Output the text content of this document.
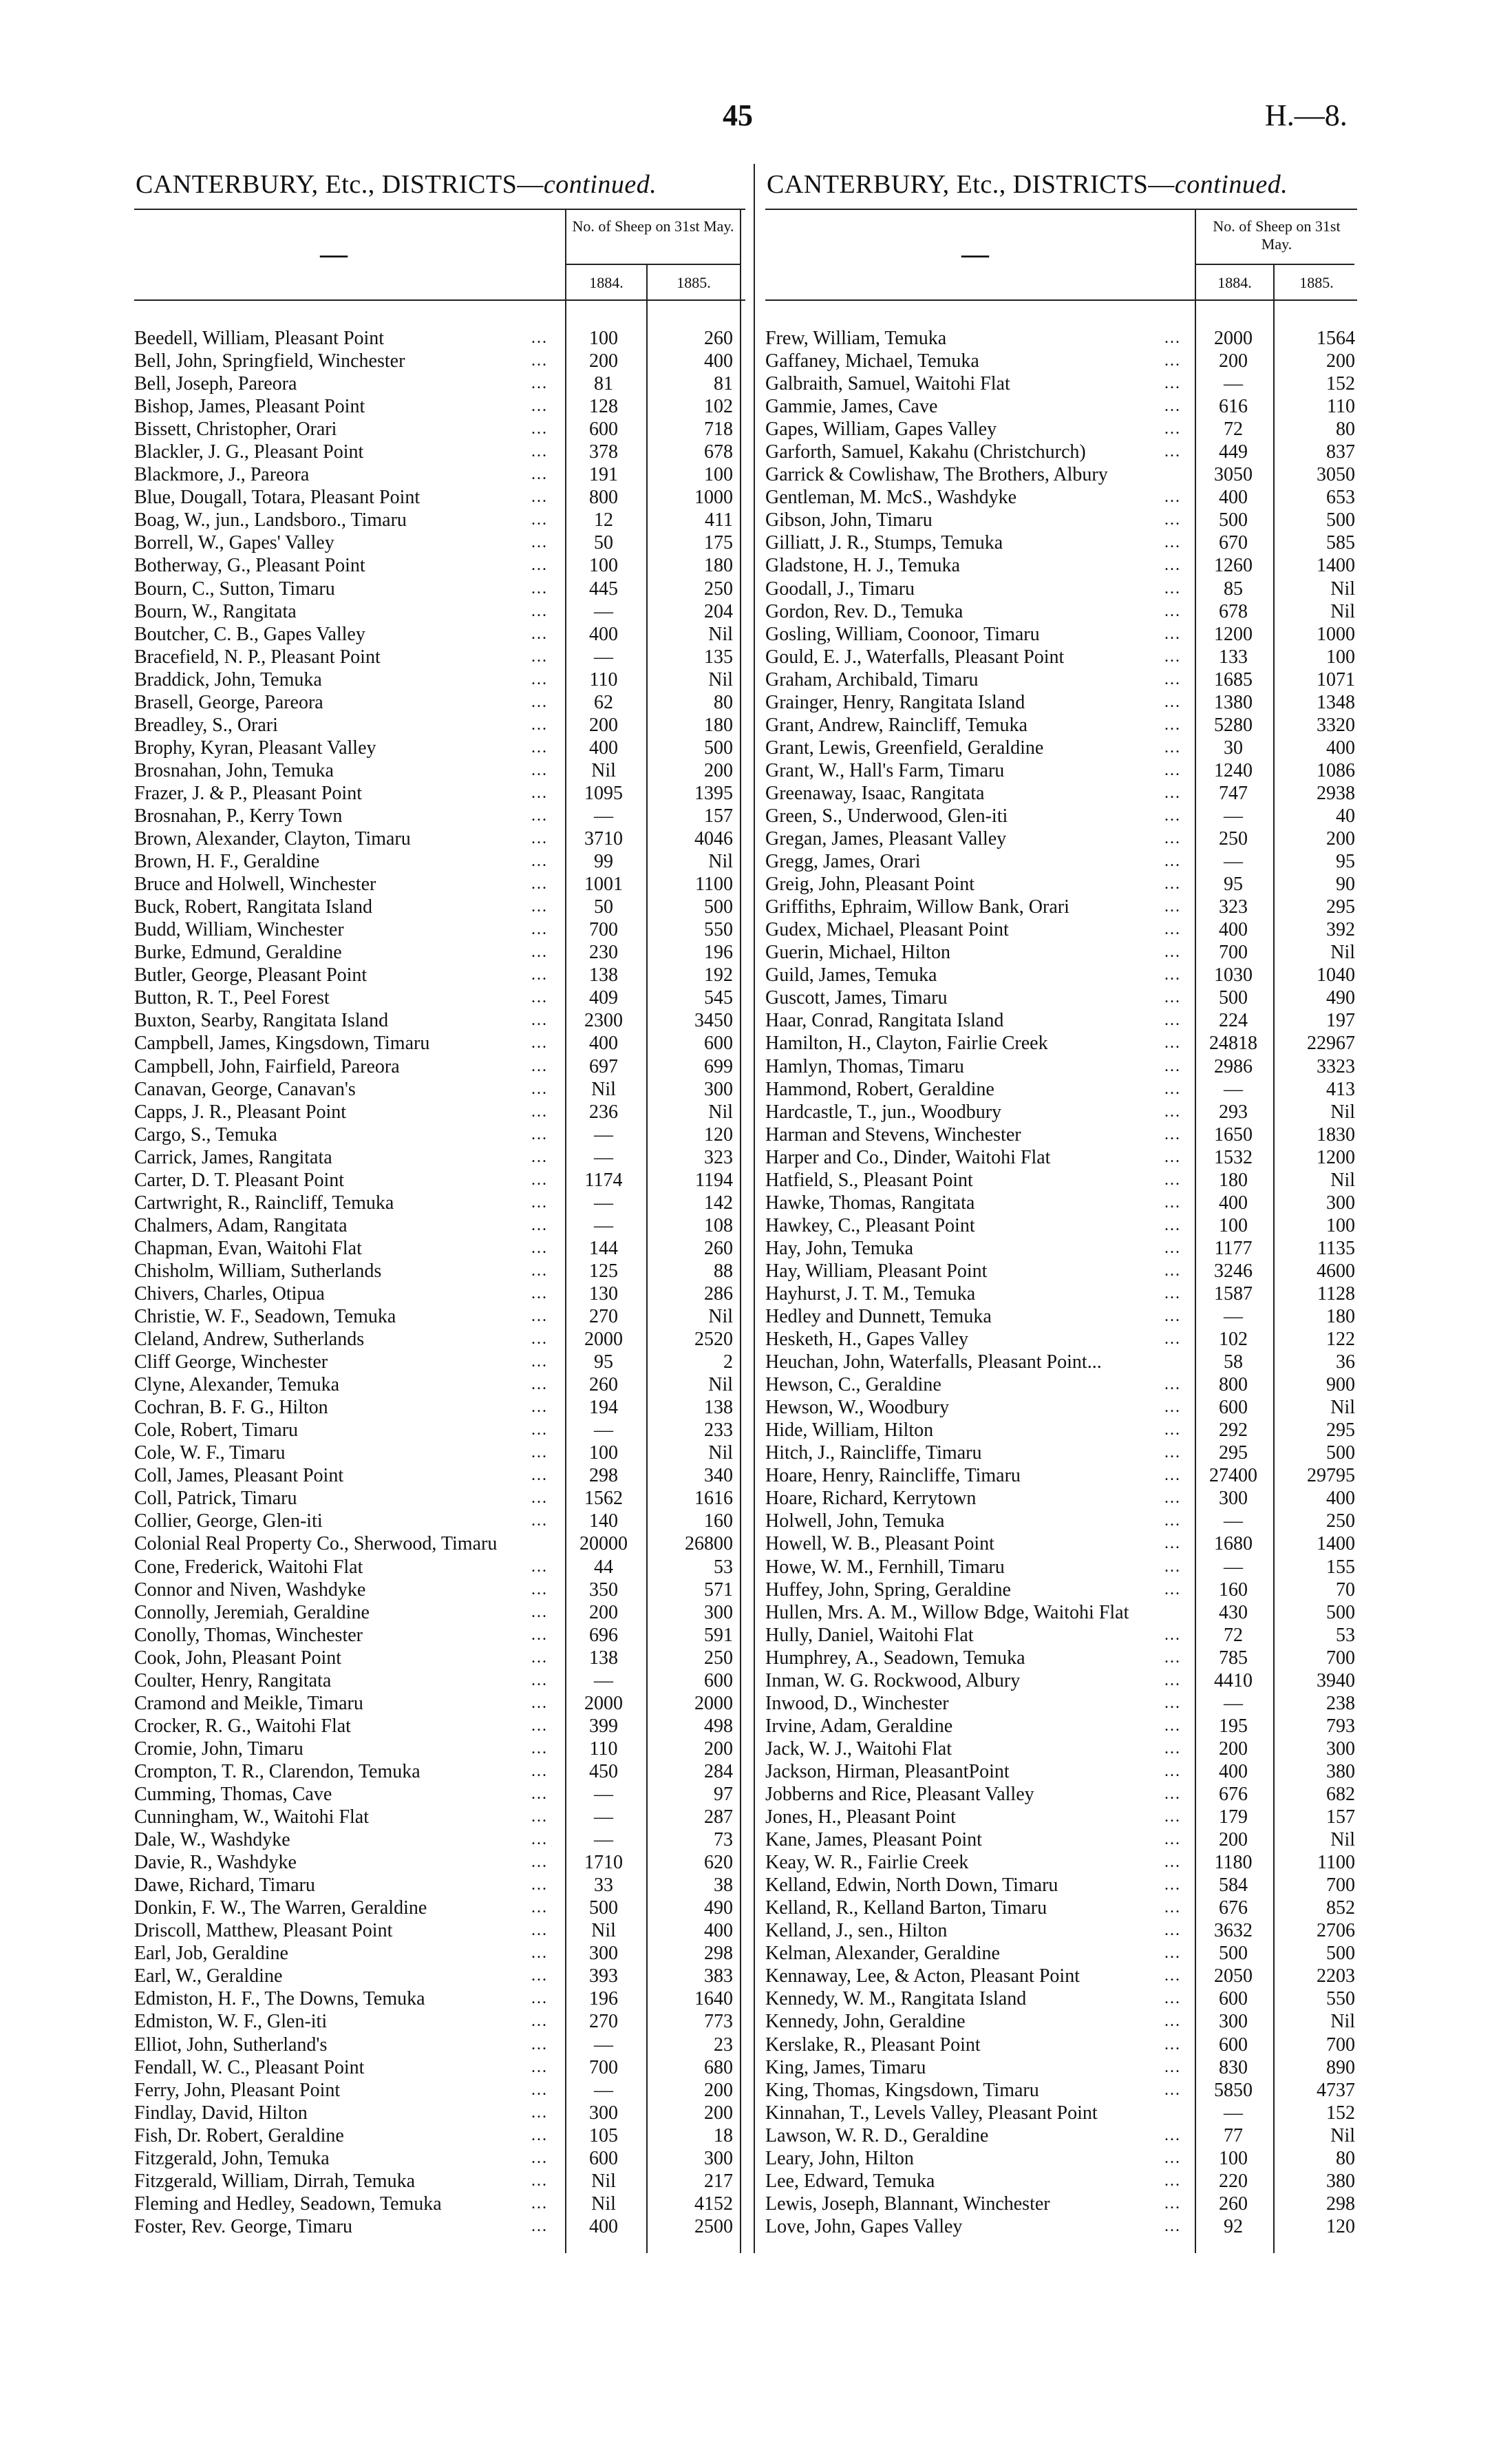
45	H.—8.
CANTERBURY, Etc., DISTRICTS—continued.
—
No. of Sheep on 31st May.
1884.	1885.
Beedell, William, Pleasant Point	...	100	260
Bell, John, Springfield, Winchester	...	200	400
Bell, Joseph, Pareora	...	81	81
Bishop, James, Pleasant Point	...	128	102
Bissett, Christopher, Orari	...	600	718
Blackler, J. G., Pleasant Point	...	378	678
Blackmore, J., Pareora	...	191	100
Blue, Dougall, Totara, Pleasant Point	...	800	1000
Boag, W., jun., Landsboro., Timaru	...	12	411
Borrell, W., Gapes' Valley	...	50	175
Botherway, G., Pleasant Point	...	100	180
Bourn, C., Sutton, Timaru	...	445	250
Bourn, W., Rangitata	...	—	204
Boutcher, C. B., Gapes Valley	...	400	Nil
Bracefield, N. P., Pleasant Point	...	—	135
Braddick, John, Temuka	...	110	Nil
Brasell, George, Pareora	...	62	80
Breadley, S., Orari	...	200	180
Brophy, Kyran, Pleasant Valley	...	400	500
Brosnahan, John, Temuka	...	Nil	200
Frazer, J. & P., Pleasant Point	...	1095	1395
Brosnahan, P., Kerry Town	...	—	157
Brown, Alexander, Clayton, Timaru	...	3710	4046
Brown, H. F., Geraldine	...	99	Nil
Bruce and Holwell, Winchester	...	1001	1100
Buck, Robert, Rangitata Island	...	50	500
Budd, William, Winchester	...	700	550
Burke, Edmund, Geraldine	...	230	196
Butler, George, Pleasant Point	...	138	192
Button, R. T., Peel Forest	...	409	545
Buxton, Searby, Rangitata Island	...	2300	3450
Campbell, James, Kingsdown, Timaru	...	400	600
Campbell, John, Fairfield, Pareora	...	697	699
Canavan, George, Canavan's	...	Nil	300
Capps, J. R., Pleasant Point	...	236	Nil
Cargo, S., Temuka	...	—	120
Carrick, James, Rangitata	...	—	323
Carter, D. T. Pleasant Point	...	1174	1194
Cartwright, R., Raincliff, Temuka	...	—	142
Chalmers, Adam, Rangitata	...	—	108
Chapman, Evan, Waitohi Flat	...	144	260
Chisholm, William, Sutherlands	...	125	88
Chivers, Charles, Otipua	...	130	286
Christie, W. F., Seadown, Temuka	...	270	Nil
Cleland, Andrew, Sutherlands	...	2000	2520
Cliff George, Winchester	...	95	2
Clyne, Alexander, Temuka	...	260	Nil
Cochran, B. F. G., Hilton	...	194	138
Cole, Robert, Timaru	...	—	233
Cole, W. F., Timaru	...	100	Nil
Coll, James, Pleasant Point	...	298	340
Coll, Patrick, Timaru	...	1562	1616
Collier, George, Glen-iti	...	140	160
Colonial Real Property Co., Sherwood, Timaru	20000	26800
Cone, Frederick, Waitohi Flat	...	44	53
Connor and Niven, Washdyke	...	350	571
Connolly, Jeremiah, Geraldine	...	200	300
Conolly, Thomas, Winchester	...	696	591
Cook, John, Pleasant Point	...	138	250
Coulter, Henry, Rangitata	...	—	600
Cramond and Meikle, Timaru	...	2000	2000
Crocker, R. G., Waitohi Flat	...	399	498
Cromie, John, Timaru	...	110	200
Crompton, T. R., Clarendon, Temuka	...	450	284
Cumming, Thomas, Cave	...	—	97
Cunningham, W., Waitohi Flat	...	—	287
Dale, W., Washdyke	...	—	73
Davie, R., Washdyke	...	1710	620
Dawe, Richard, Timaru	...	33	38
Donkin, F. W., The Warren, Geraldine	...	500	490
Driscoll, Matthew, Pleasant Point	...	Nil	400
Earl, Job, Geraldine	...	300	298
Earl, W., Geraldine	...	393	383
Edmiston, H. F., The Downs, Temuka	...	196	1640
Edmiston, W. F., Glen-iti	...	270	773
Elliot, John, Sutherland's	...	—	23
Fendall, W. C., Pleasant Point	...	700	680
Ferry, John, Pleasant Point	...	—	200
Findlay, David, Hilton	...	300	200
Fish, Dr. Robert, Geraldine	...	105	18
Fitzgerald, John, Temuka	...	600	300
Fitzgerald, William, Dirrah, Temuka	...	Nil	217
Fleming and Hedley, Seadown, Temuka	...	Nil	4152
Foster, Rev. George, Timaru	...	400	2500
CANTERBURY, Etc., DISTRICTS—continued.
—
No. of Sheep on 31st May.
1884.	1885.
Frew, William, Temuka	...	2000	1564
Gaffaney, Michael, Temuka	...	200	200
Galbraith, Samuel, Waitohi Flat	...	—	152
Gammie, James, Cave	...	616	110
Gapes, William, Gapes Valley	...	72	80
Garforth, Samuel, Kakahu (Christchurch)	...	449	837
Garrick & Cowlishaw, The Brothers, Albury	3050	3050
Gentleman, M. McS., Washdyke	...	400	653
Gibson, John, Timaru	...	500	500
Gilliatt, J. R., Stumps, Temuka	...	670	585
Gladstone, H. J., Temuka	...	1260	1400
Goodall, J., Timaru	...	85	Nil
Gordon, Rev. D., Temuka	...	678	Nil
Gosling, William, Coonoor, Timaru	...	1200	1000
Gould, E. J., Waterfalls, Pleasant Point	...	133	100
Graham, Archibald, Timaru	...	1685	1071
Grainger, Henry, Rangitata Island	...	1380	1348
Grant, Andrew, Raincliff, Temuka	...	5280	3320
Grant, Lewis, Greenfield, Geraldine	...	30	400
Grant, W., Hall's Farm, Timaru	...	1240	1086
Greenaway, Isaac, Rangitata	...	747	2938
Green, S., Underwood, Glen-iti	...	—	40
Gregan, James, Pleasant Valley	...	250	200
Gregg, James, Orari	...	—	95
Greig, John, Pleasant Point	...	95	90
Griffiths, Ephraim, Willow Bank, Orari	...	323	295
Gudex, Michael, Pleasant Point	...	400	392
Guerin, Michael, Hilton	...	700	Nil
Guild, James, Temuka	...	1030	1040
Guscott, James, Timaru	...	500	490
Haar, Conrad, Rangitata Island	...	224	197
Hamilton, H., Clayton, Fairlie Creek	...	24818	22967
Hamlyn, Thomas, Timaru	...	2986	3323
Hammond, Robert, Geraldine	...	—	413
Hardcastle, T., jun., Woodbury	...	293	Nil
Harman and Stevens, Winchester	...	1650	1830
Harper and Co., Dinder, Waitohi Flat	...	1532	1200
Hatfield, S., Pleasant Point	...	180	Nil
Hawke, Thomas, Rangitata	...	400	300
Hawkey, C., Pleasant Point	...	100	100
Hay, John, Temuka	...	1177	1135
Hay, William, Pleasant Point	...	3246	4600
Hayhurst, J. T. M., Temuka	...	1587	1128
Hedley and Dunnett, Temuka	...	—	180
Hesketh, H., Gapes Valley	...	102	122
Heuchan, John, Waterfalls, Pleasant Point...	58	36
Hewson, C., Geraldine	...	800	900
Hewson, W., Woodbury	...	600	Nil
Hide, William, Hilton	...	292	295
Hitch, J., Raincliffe, Timaru	...	295	500
Hoare, Henry, Raincliffe, Timaru	...	27400	29795
Hoare, Richard, Kerrytown	...	300	400
Holwell, John, Temuka	...	—	250
Howell, W. B., Pleasant Point	...	1680	1400
Howe, W. M., Fernhill, Timaru	...	—	155
Huffey, John, Spring, Geraldine	...	160	70
Hullen, Mrs. A. M., Willow Bdge, Waitohi Flat	430	500
Hully, Daniel, Waitohi Flat	...	72	53
Humphrey, A., Seadown, Temuka	...	785	700
Inman, W. G. Rockwood, Albury	...	4410	3940
Inwood, D., Winchester	...	—	238
Irvine, Adam, Geraldine	...	195	793
Jack, W. J., Waitohi Flat	...	200	300
Jackson, Hirman, PleasantPoint	...	400	380
Jobberns and Rice, Pleasant Valley	...	676	682
Jones, H., Pleasant Point	...	179	157
Kane, James, Pleasant Point	...	200	Nil
Keay, W. R., Fairlie Creek	...	1180	1100
Kelland, Edwin, North Down, Timaru	...	584	700
Kelland, R., Kelland Barton, Timaru	...	676	852
Kelland, J., sen., Hilton	...	3632	2706
Kelman, Alexander, Geraldine	...	500	500
Kennaway, Lee, & Acton, Pleasant Point	...	2050	2203
Kennedy, W. M., Rangitata Island	...	600	550
Kennedy, John, Geraldine	...	300	Nil
Kerslake, R., Pleasant Point	...	600	700
King, James, Timaru	...	830	890
King, Thomas, Kingsdown, Timaru	...	5850	4737
Kinnahan, T., Levels Valley, Pleasant Point	—	152
Lawson, W. R. D., Geraldine	...	77	Nil
Leary, John, Hilton	...	100	80
Lee, Edward, Temuka	...	220	380
Lewis, Joseph, Blannant, Winchester	...	260	298
Love, John, Gapes Valley	...	92	120
